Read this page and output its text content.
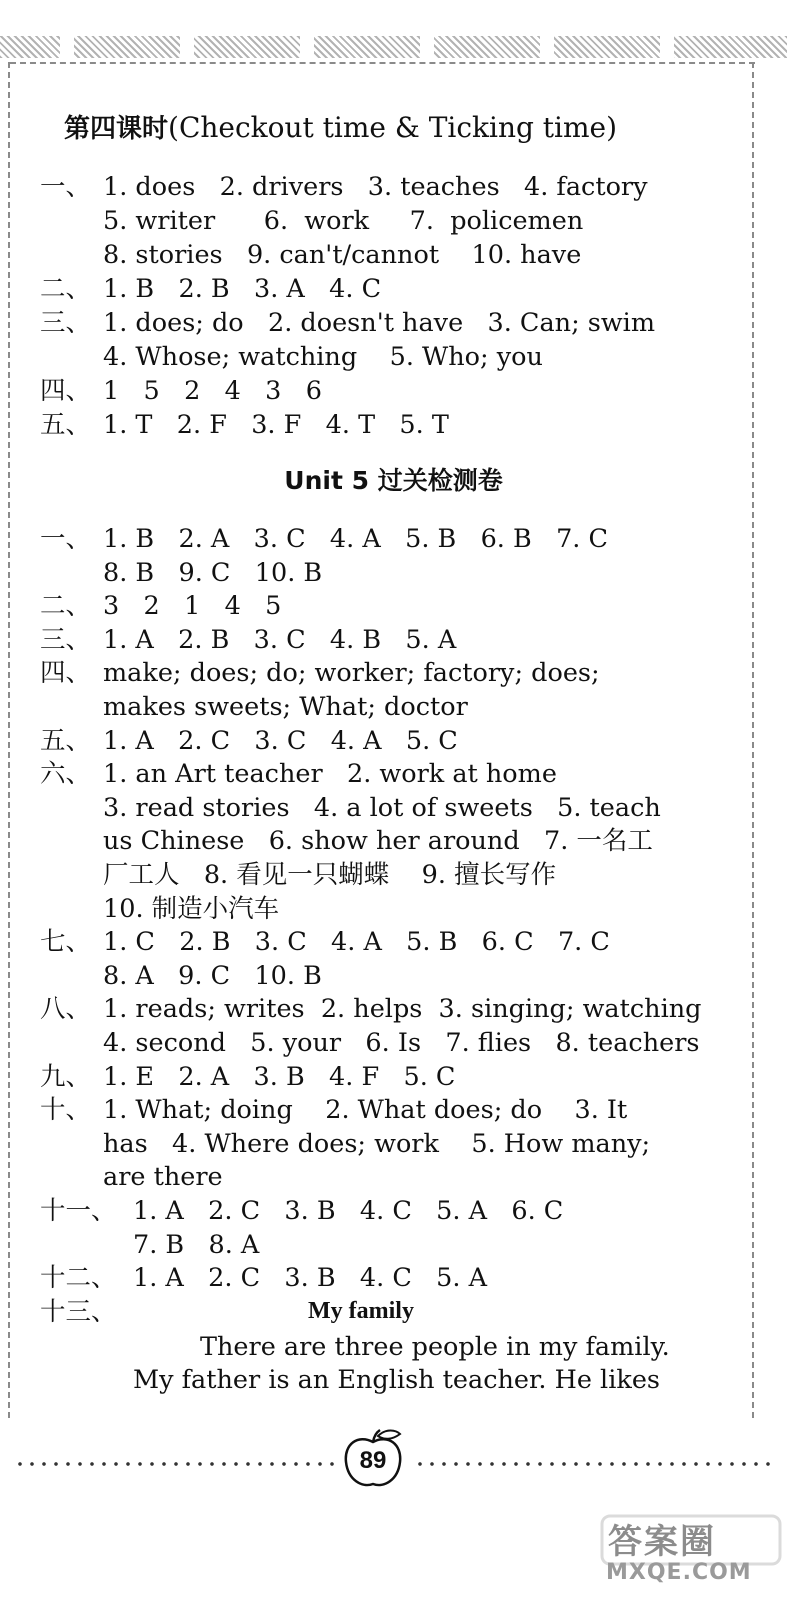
第四课时(Checkout time & Ticking time)
一、 1. does   2. drivers   3. teaches   4. factory
5. writer      6.  work     7.  policemen
8. stories   9. can't/cannot    10. have
二、 1. B   2. B   3. A   4. C
三、 1. does; do   2. doesn't have   3. Can; swim
4. Whose; watching    5. Who; you
四、 1   5   2   4   3   6
五、 1. T   2. F   3. F   4. T   5. T
Unit 5 过关检测卷
一、 1. B   2. A   3. C   4. A   5. B   6. B   7. C
8. B   9. C   10. B
二、 3   2   1   4   5
三、 1. A   2. B   3. C   4. B   5. A
四、 make; does; do; worker; factory; does;
makes sweets; What; doctor
五、 1. A   2. C   3. C   4. A   5. C
六、 1. an Art teacher   2. work at home
3. read stories   4. a lot of sweets   5. teach
us Chinese   6. show her around   7. 一名工
厂工人   8. 看见一只蝴蝶    9. 擅长写作
10. 制造小汽车
七、 1. C   2. B   3. C   4. A   5. B   6. C   7. C
8. A   9. C   10. B
八、 1. reads; writes  2. helps  3. singing; watching
4. second   5. your   6. Is   7. flies   8. teachers
九、 1. E   2. A   3. B   4. F   5. C
十、 1. What; doing    2. What does; do    3. It
has   4. Where does; work    5. How many;
are there
十一、 1. A   2. C   3. B   4. C   5. A   6. C
7. B   8. A
十二、 1. A   2. C   3. B   4. C   5. A
十三、	My family
There are three people in my family.
My father is an English teacher. He likes
89
答案圈
MXQE.COM
